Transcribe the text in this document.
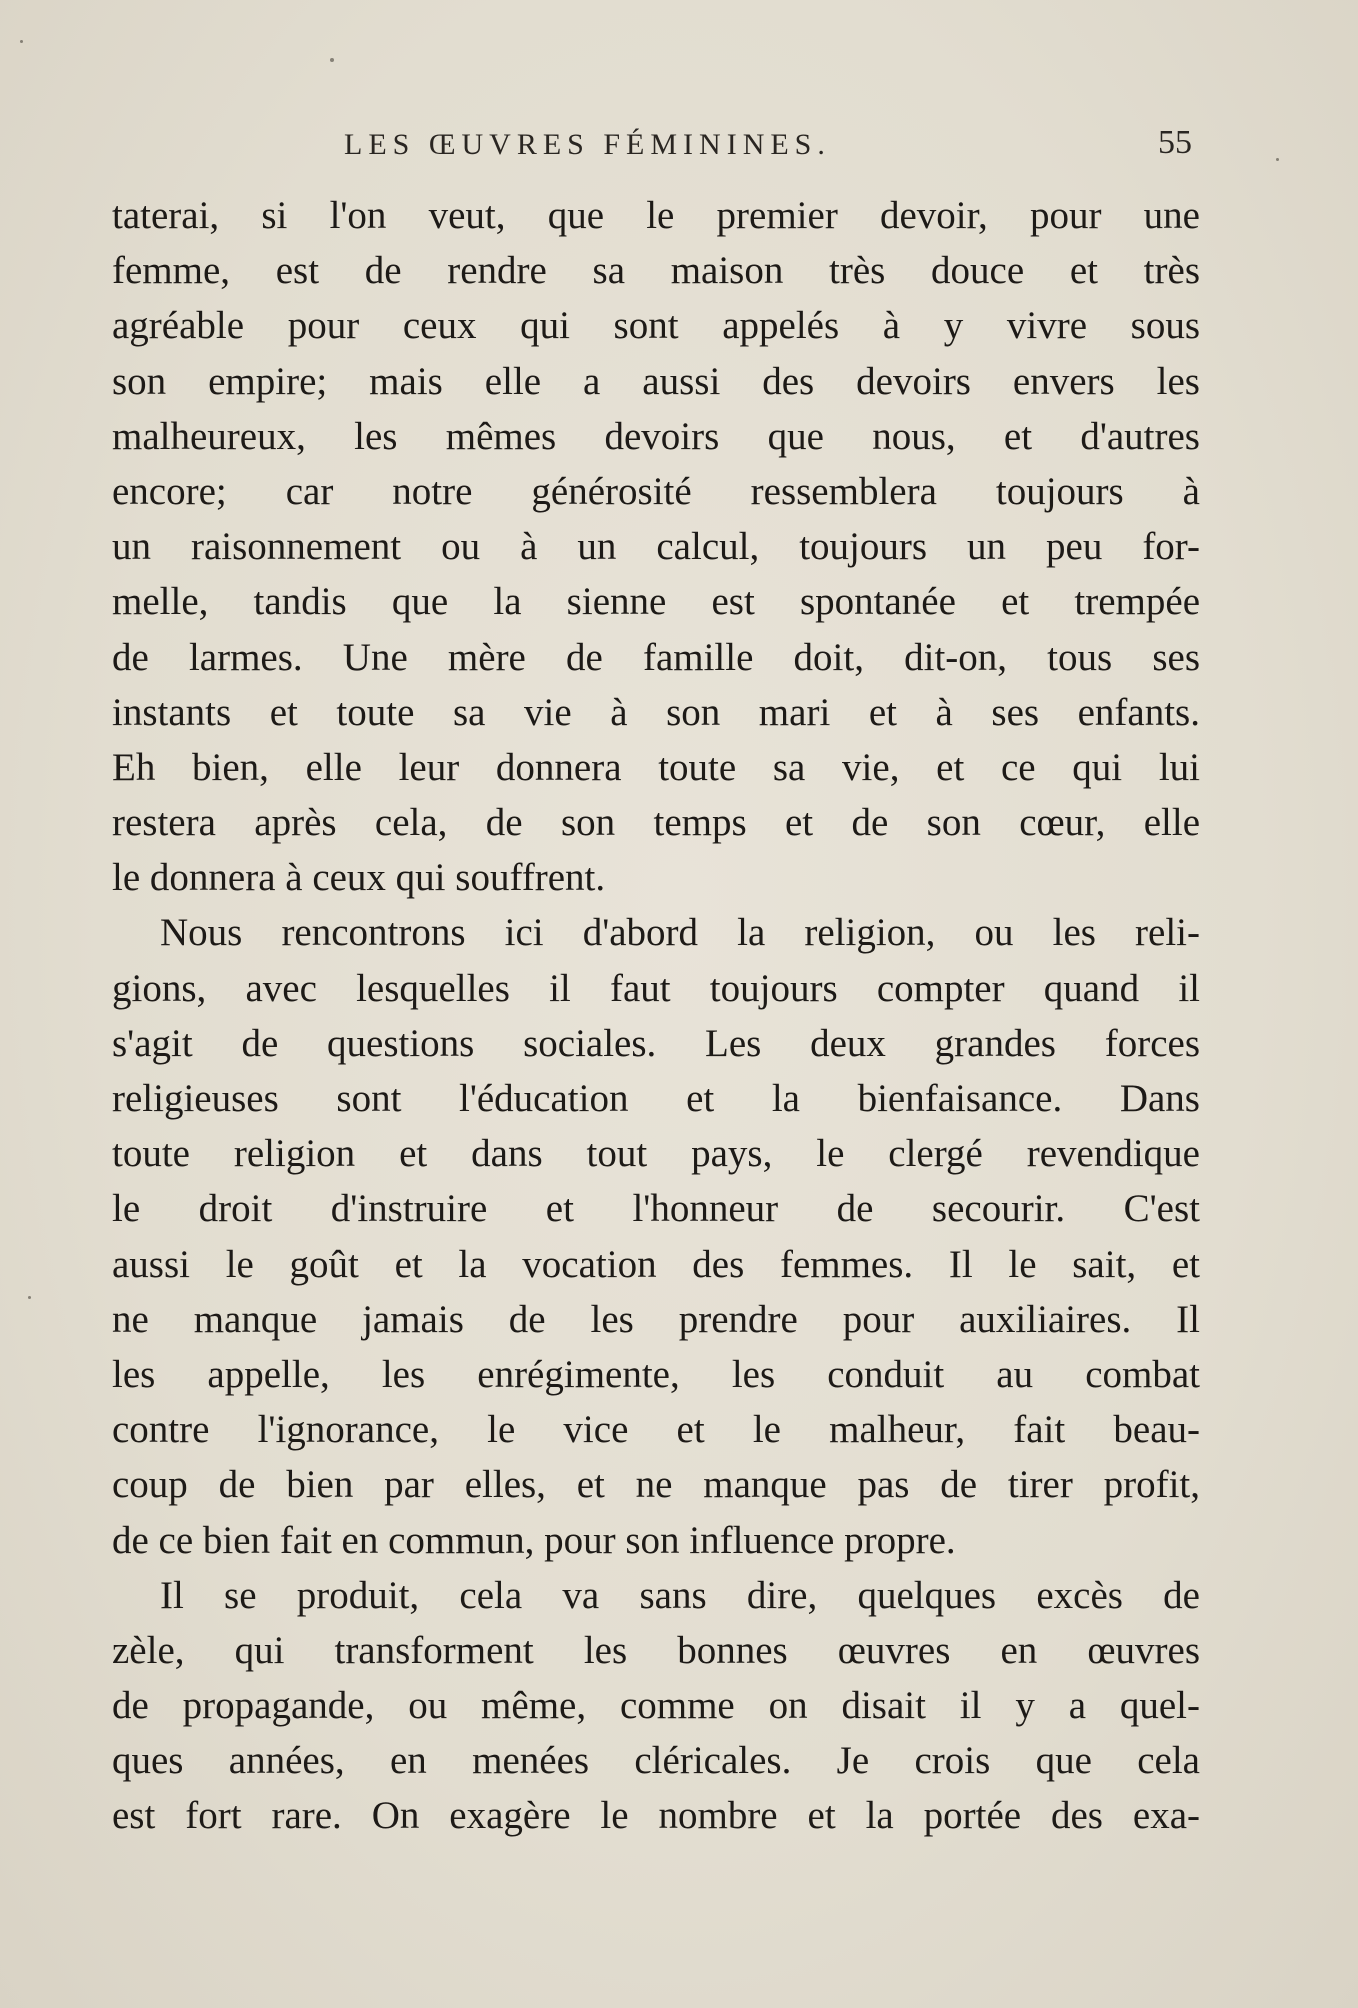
LES ŒUVRES FÉMININES.	55
taterai, si l'on veut, que le premier devoir, pour une
femme, est de rendre sa maison très douce et très
agréable pour ceux qui sont appelés à y vivre sous
son empire; mais elle a aussi des devoirs envers les
malheureux, les mêmes devoirs que nous, et d'autres
encore; car notre générosité ressemblera toujours à
un raisonnement ou à un calcul, toujours un peu for-
melle, tandis que la sienne est spontanée et trempée
de larmes. Une mère de famille doit, dit-on, tous ses
instants et toute sa vie à son mari et à ses enfants.
Eh bien, elle leur donnera toute sa vie, et ce qui lui
restera après cela, de son temps et de son cœur, elle
le donnera à ceux qui souffrent.
Nous rencontrons ici d'abord la religion, ou les reli-
gions, avec lesquelles il faut toujours compter quand il
s'agit de questions sociales. Les deux grandes forces
religieuses sont l'éducation et la bienfaisance. Dans
toute religion et dans tout pays, le clergé revendique
le droit d'instruire et l'honneur de secourir. C'est
aussi le goût et la vocation des femmes. Il le sait, et
ne manque jamais de les prendre pour auxiliaires. Il
les appelle, les enrégimente, les conduit au combat
contre l'ignorance, le vice et le malheur, fait beau-
coup de bien par elles, et ne manque pas de tirer profit,
de ce bien fait en commun, pour son influence propre.
Il se produit, cela va sans dire, quelques excès de
zèle, qui transforment les bonnes œuvres en œuvres
de propagande, ou même, comme on disait il y a quel-
ques années, en menées cléricales. Je crois que cela
est fort rare. On exagère le nombre et la portée des exa-
